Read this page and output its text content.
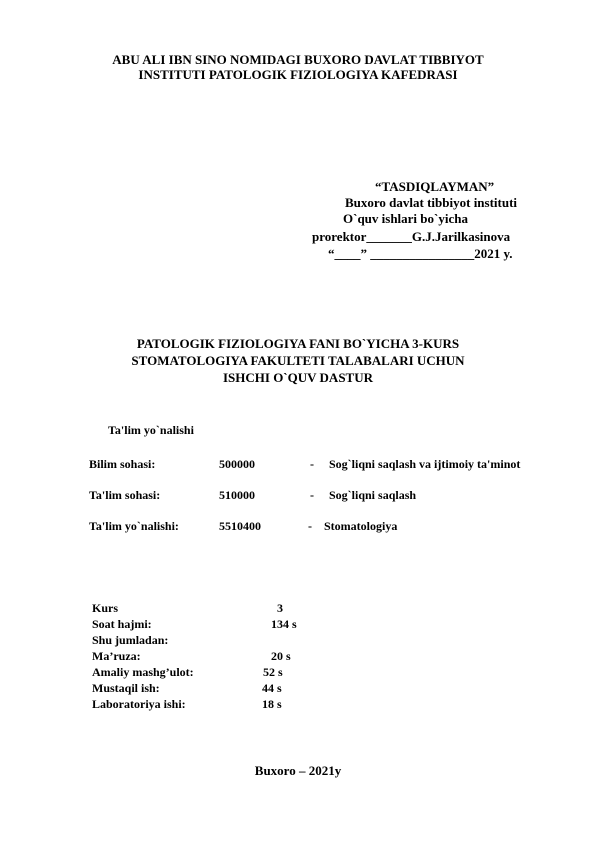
ABU ALI IBN SINO NOMIDAGI BUXORO DAVLAT TIBBIYOT
INSTITUTI PATOLOGIK FIZIOLOGIYA KAFEDRASI
“TASDIQLAYMAN”
Buxoro davlat tibbiyot instituti
O`quv ishlari bo`yicha
prorektor_______G.J.Jarilkasinova
“____” ________________2021 y.
PATOLOGIK FIZIOLOGIYA FANI BO`YICHA 3-KURS
STOMATOLOGIYA FAKULTETI TALABALARI UCHUN
ISHCHI O`QUV DASTUR
Ta'lim yo`nalishi
Bilim sohasi:	500000	- Sog`liqni saqlash va ijtimoiy ta'minot
Ta'lim sohasi:	510000	- Sog`liqni saqlash
Ta'lim yo`nalishi:	5510400	- Stomatologiya
Kurs	3
Soat hajmi:	134 s
Shu jumladan:
Ma’ruza:	20 s
Amaliy mashg’ulot:	52 s
Mustaqil ish:	44 s
Laboratoriya ishi:	18 s
Buxoro – 2021y
